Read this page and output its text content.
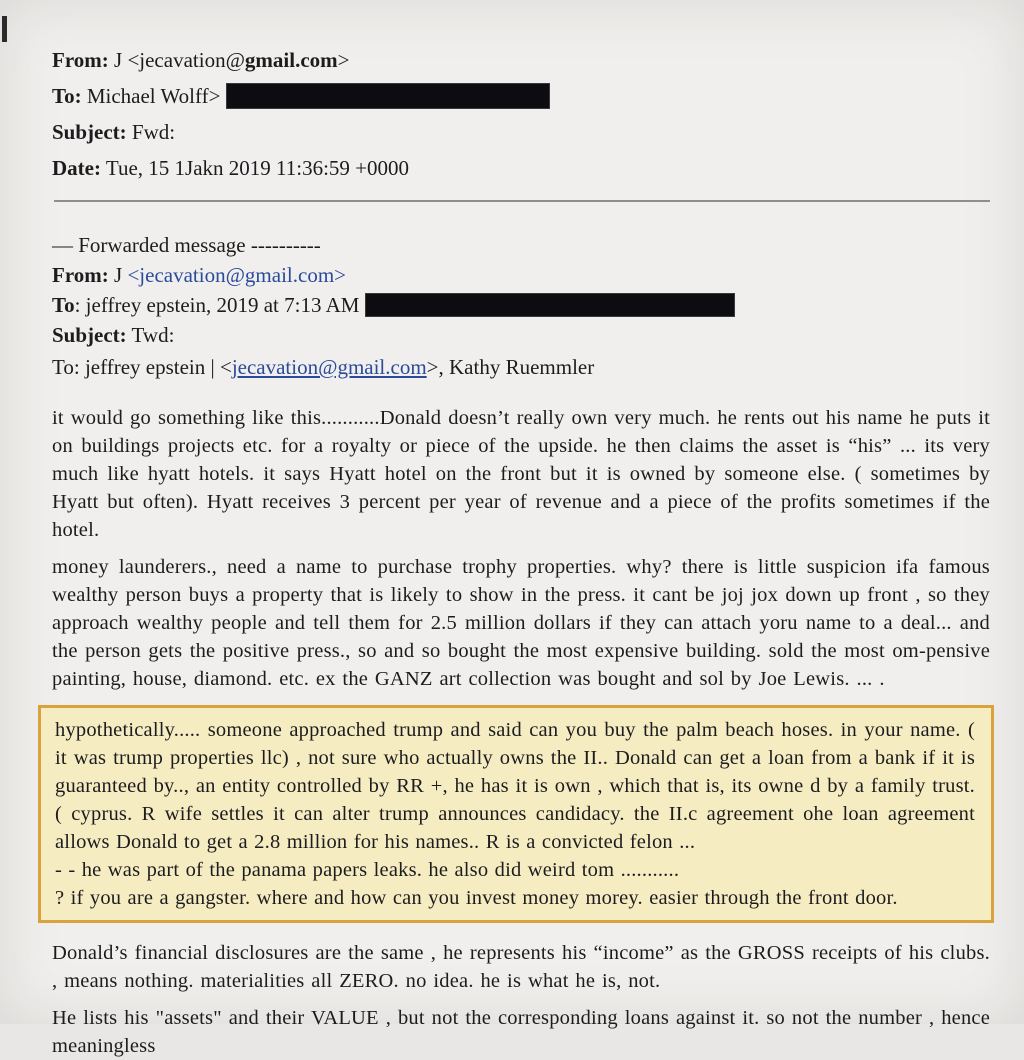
From: J <jecavation@gmail.com>
To: Michael Wolff>
Subject: Fwd:
Date: Tue, 15 1Jakn 2019 11:36:59 +0000
— Forwarded message ----------
From: J <jecavation@gmail.com>
To: jeffrey epstein, 2019 at 7:13 AM
Subject: Twd:
To: jeffrey epstein | <jecavation@gmail.com>, Kathy Ruemmler

it would go something like this...........Donald doesn’t really own very much. he rents out his name he puts it on buildings projects etc. for a royalty or piece of the upside. he then claims the asset is “his” ... its very much like hyatt hotels. it says Hyatt hotel on the front but it is owned by someone else. ( sometimes by Hyatt but often). Hyatt receives 3 percent per year of revenue and a piece of the profits sometimes if the hotel.

money launderers., need a name to purchase trophy properties. why? there is little suspicion ifa famous wealthy person buys a property that is likely to show in the press. it cant be joj jox down up front , so they approach wealthy people and tell them for 2.5 million dollars if they can attach yoru name to a deal... and the person gets the positive press., so and so bought the most expensive building. sold the most om-pensive painting, house, diamond. etc. ex the GANZ art collection was bought and sol by Joe Lewis. ... .

hypothetically..... someone approached trump and said can you buy the palm beach hoses. in your name. ( it was trump properties llc) , not sure who actually owns the II.. Donald can get a loan from a bank if it is guaranteed by.., an entity controlled by RR +, he has it is own , which that is, its owne d by a family trust. ( cyprus. R wife settles it can alter trump announces candidacy. the II.c agreement ohe loan agreement allows Donald to get a 2.8 million for his names.. R is a convicted felon ...

- - he was part of the panama papers leaks. he also did weird tom ...........

? if you are a gangster. where and how can you invest money morey. easier through the front door.

Donald’s financial disclosures are the same , he represents his “income” as the GROSS receipts of his clubs. , means nothing. materialities all ZERO. no idea. he is what he is, not.

He lists his "assets" and their VALUE , but not the corresponding loans against it. so not the number , hence meaningless
